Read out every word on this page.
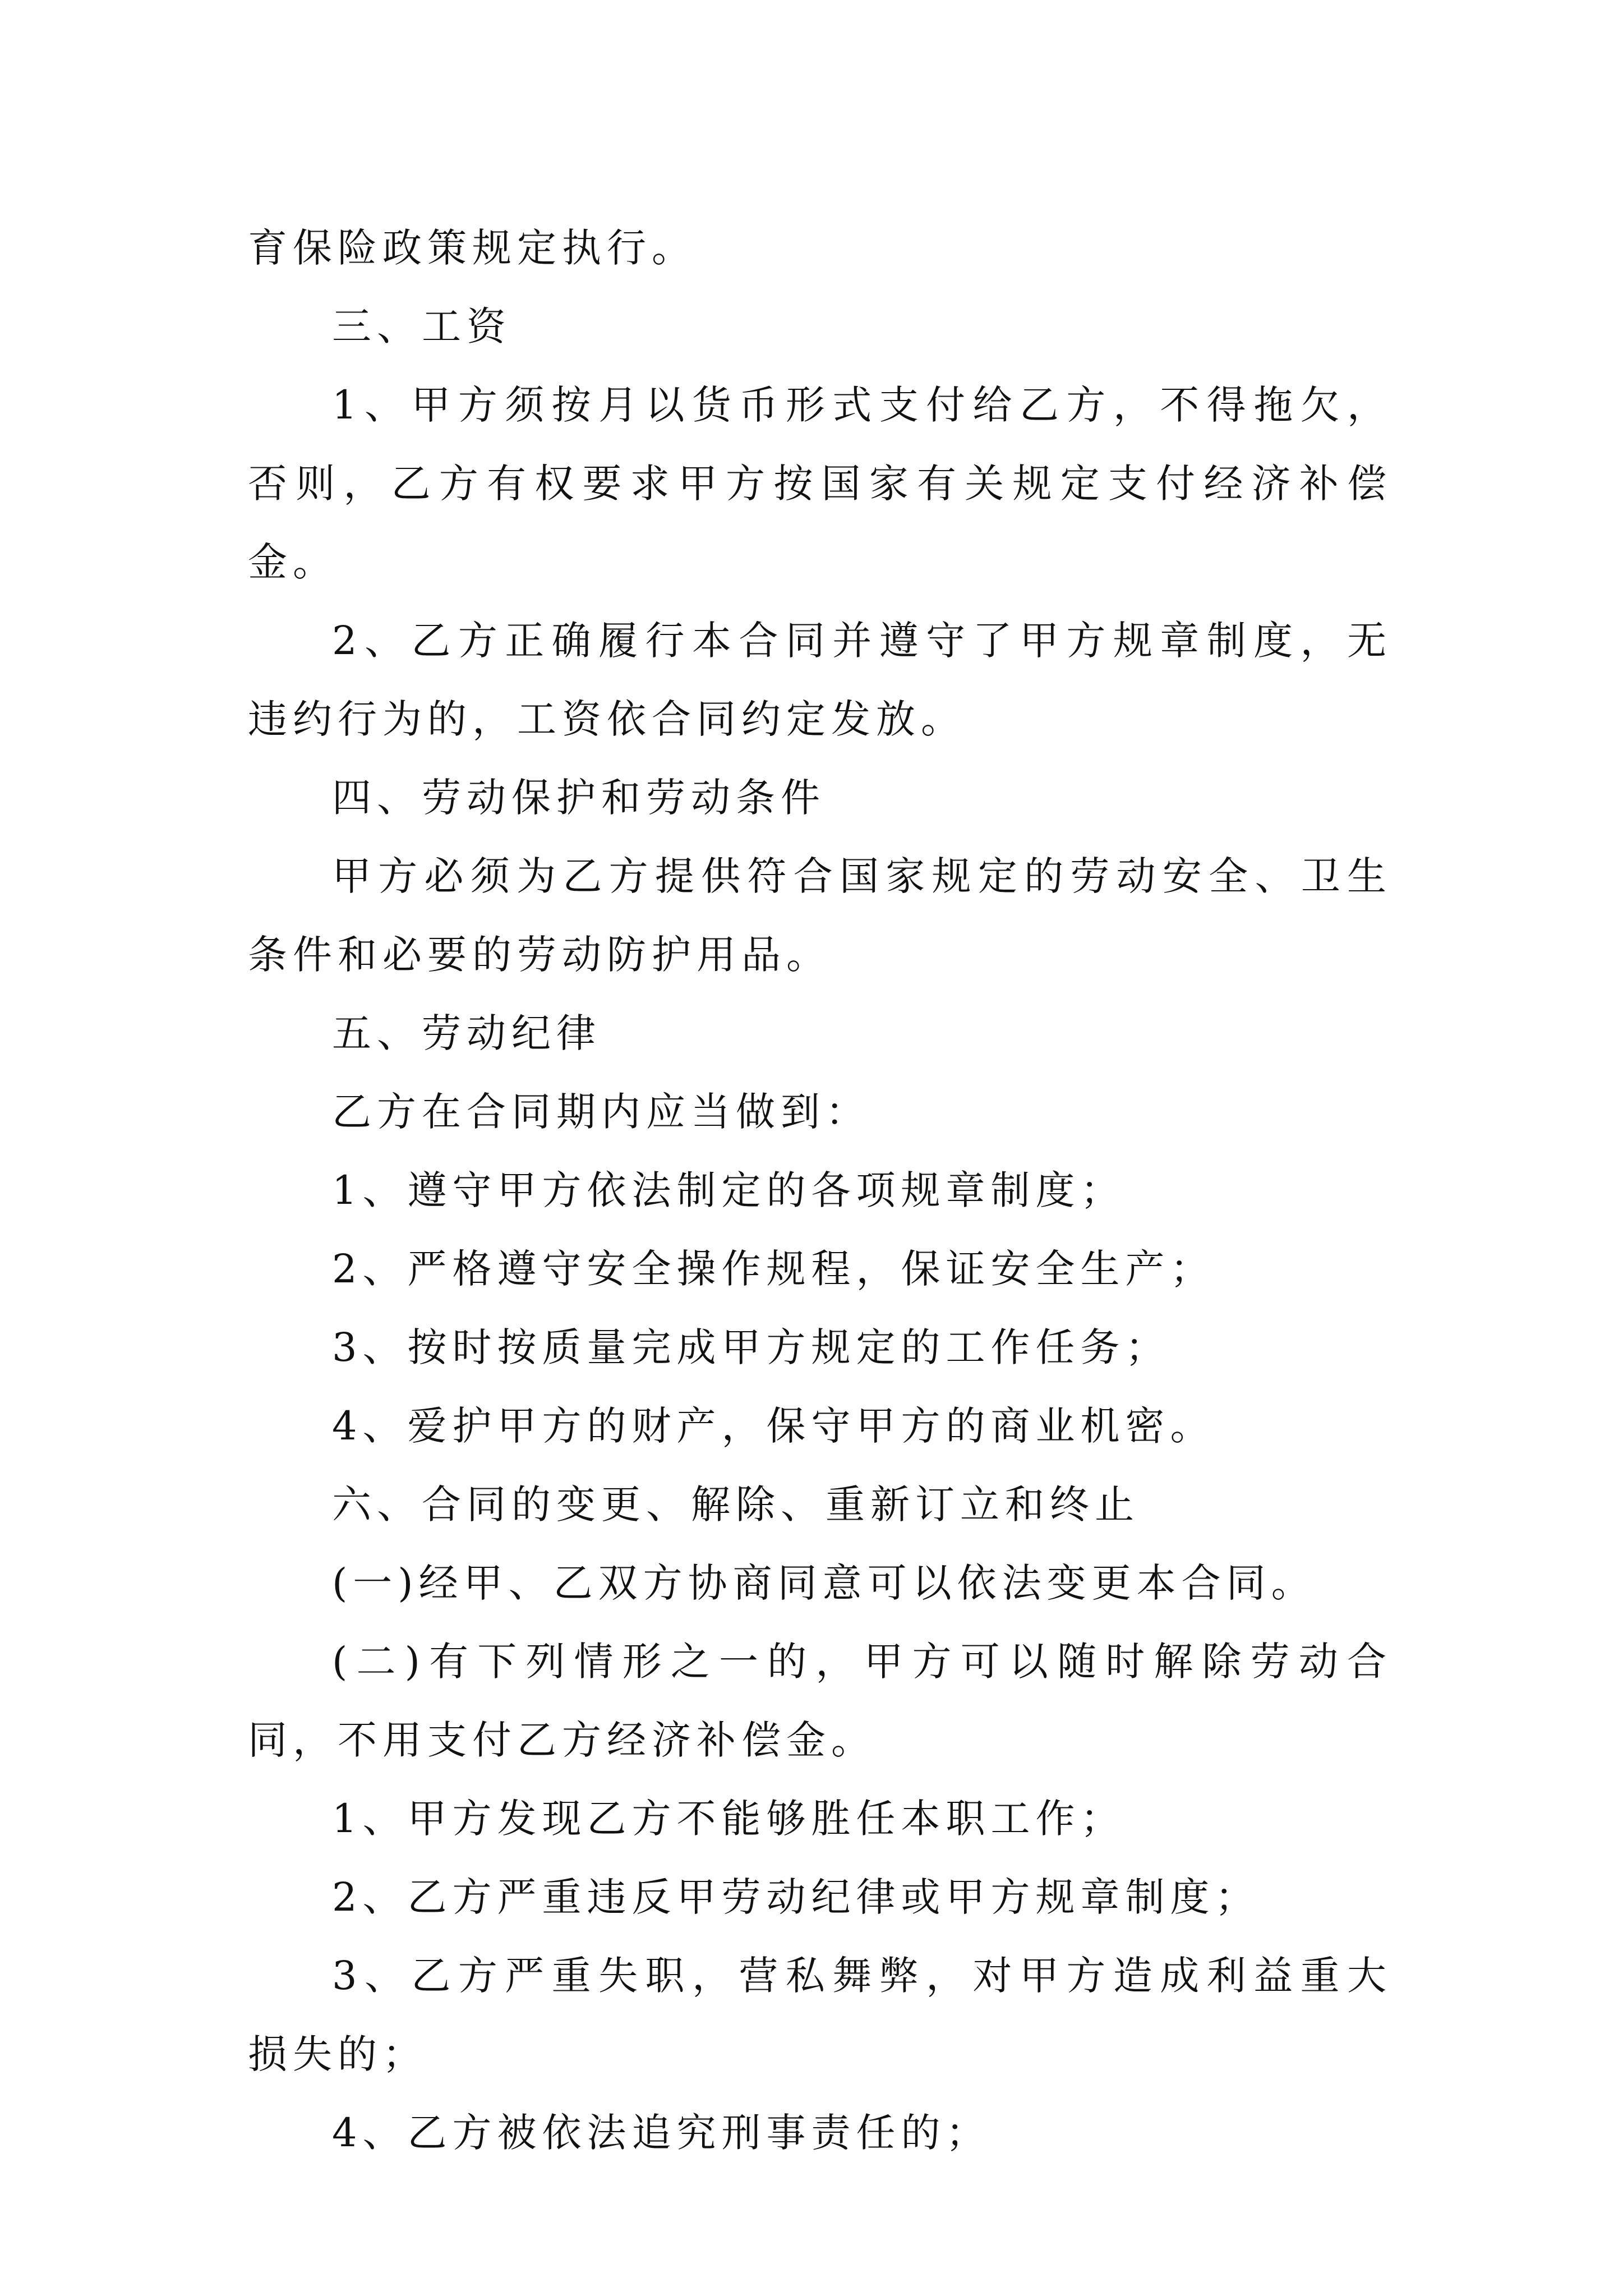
育保险政策规定执行。

三、工资

1、甲方须按月以货币形式支付给乙方，不得拖欠，否则，乙方有权要求甲方按国家有关规定支付经济补偿金。

2、乙方正确履行本合同并遵守了甲方规章制度，无违约行为的，工资依合同约定发放。

四、劳动保护和劳动条件

甲方必须为乙方提供符合国家规定的劳动安全、卫生条件和必要的劳动防护用品。

五、劳动纪律

乙方在合同期内应当做到：

1、遵守甲方依法制定的各项规章制度；

2、严格遵守安全操作规程，保证安全生产；

3、按时按质量完成甲方规定的工作任务；

4、爱护甲方的财产，保守甲方的商业机密。

六、合同的变更、解除、重新订立和终止

(一)经甲、乙双方协商同意可以依法变更本合同。

(二)有下列情形之一的，甲方可以随时解除劳动合同，不用支付乙方经济补偿金。

1、甲方发现乙方不能够胜任本职工作；

2、乙方严重违反甲劳动纪律或甲方规章制度；

3、乙方严重失职，营私舞弊，对甲方造成利益重大损失的；

4、乙方被依法追究刑事责任的；
